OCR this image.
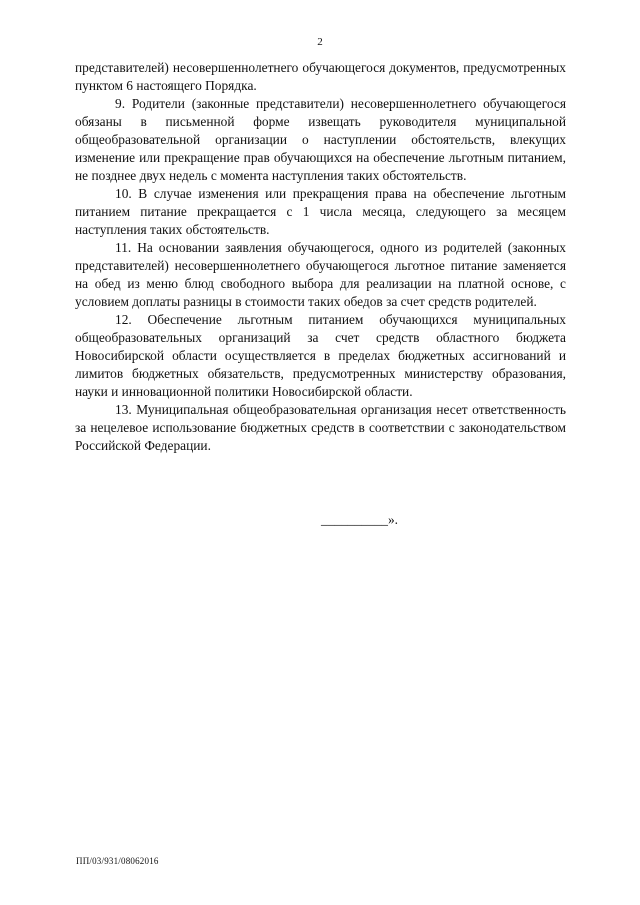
2

представителей) несовершеннолетнего обучающегося документов, предусмотренных пунктом 6 настоящего Порядка.

9. Родители (законные представители) несовершеннолетнего обучающегося обязаны в письменной форме извещать руководителя муниципальной общеобразовательной организации о наступлении обстоятельств, влекущих изменение или прекращение прав обучающихся на обеспечение льготным питанием, не позднее двух недель с момента наступления таких обстоятельств.

10. В случае изменения или прекращения права на обеспечение льготным питанием питание прекращается с 1 числа месяца, следующего за месяцем наступления таких обстоятельств.

11. На основании заявления обучающегося, одного из родителей (законных представителей) несовершеннолетнего обучающегося льготное питание заменяется на обед из меню блюд свободного выбора для реализации на платной основе, с условием доплаты разницы в стоимости таких обедов за счет средств родителей.

12. Обеспечение льготным питанием обучающихся муниципальных общеобразовательных организаций за счет средств областного бюджета Новосибирской области осуществляется в пределах бюджетных ассигнований и лимитов бюджетных обязательств, предусмотренных министерству образования, науки и инновационной политики Новосибирской области.

13. Муниципальная общеобразовательная организация несет ответственность за нецелевое использование бюджетных средств в соответствии с законодательством Российской Федерации.

__________».
ПП/03/931/08062016
